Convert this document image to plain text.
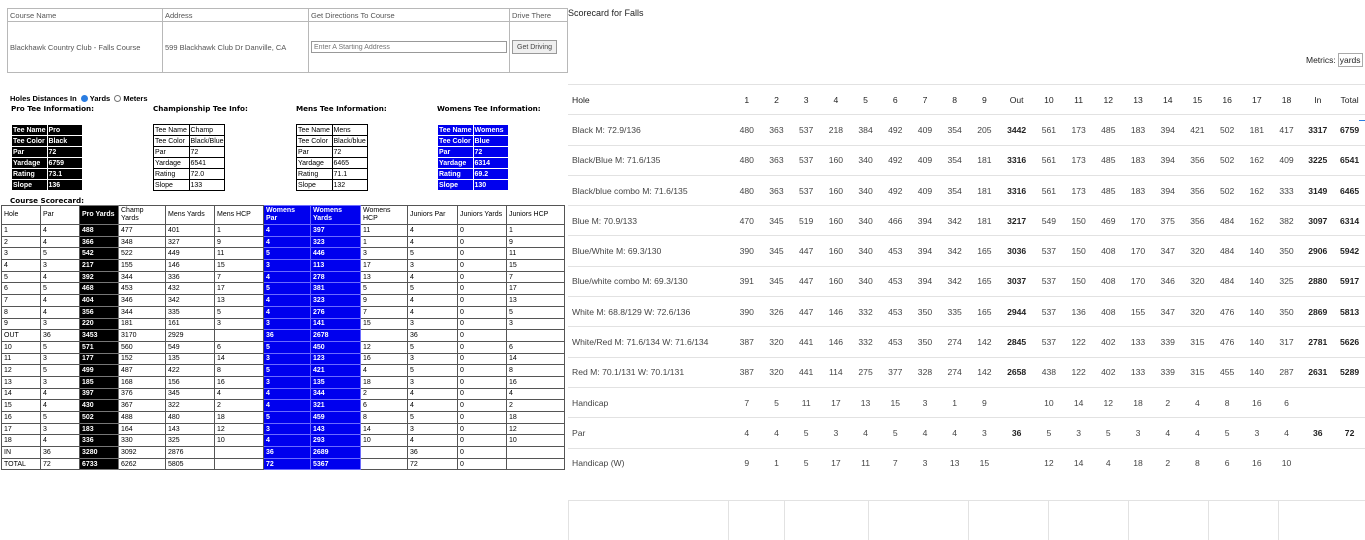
Course Name	Address	Get Directions To Course	Drive There
Blackhawk Country Club - Falls Course	599 Blackhawk Club Dr Danville, CA	Enter A Starting Address	Get Driving
Holes Distances In Yards Meters
Pro Tee Information:	Championship Tee Info:	Mens Tee Information:	Womens Tee Information:
Tee Name	Pro
Tee Color	Black
Par	72
Yardage	6759
Rating	73.1
Slope	136
Tee Name	Champ
Tee Color	Black/Blue
Par	72
Yardage	6541
Rating	72.0
Slope	133
Tee Name	Mens
Tee Color	Black/blue
Par	72
Yardage	6465
Rating	71.1
Slope	132
Tee Name	Womens
Tee Color	Blue
Par	72
Yardage	6314
Rating	69.2
Slope	130
Course Scorecard:
Hole	Par	Pro Yards	Champ Yards	Mens Yards	Mens HCP	Womens Par	Womens Yards	Womens HCP	Juniors Par	Juniors Yards	Juniors HCP
1	4	488	477	401	1	4	397	11	4	0	1
2	4	366	348	327	9	4	323	1	4	0	9
3	5	542	522	449	11	5	446	3	5	0	11
4	3	217	155	146	15	3	113	17	3	0	15
5	4	392	344	336	7	4	278	13	4	0	7
6	5	468	453	432	17	5	381	5	5	0	17
7	4	404	346	342	13	4	323	9	4	0	13
8	4	356	344	335	5	4	276	7	4	0	5
9	3	220	181	161	3	3	141	15	3	0	3
OUT	36	3453	3170	2929		36	2678		36	0	
10	5	571	560	549	6	5	450	12	5	0	6
11	3	177	152	135	14	3	123	16	3	0	14
12	5	499	487	422	8	5	421	4	5	0	8
13	3	185	168	156	16	3	135	18	3	0	16
14	4	397	376	345	4	4	344	2	4	0	4
15	4	430	367	322	2	4	321	6	4	0	2
16	5	502	488	480	18	5	459	8	5	0	18
17	3	183	164	143	12	3	143	14	3	0	12
18	4	336	330	325	10	4	293	10	4	0	10
IN	36	3280	3092	2876		36	2689		36	0	
TOTAL	72	6733	6262	5805		72	5367		72	0	
Scorecard for Falls
Metrics: yards
Hole	1	2	3	4	5	6	7	8	9	Out	10	11	12	13	14	15	16	17	18	In	Total
Black M: 72.9/136	480	363	537	218	384	492	409	354	205	3442	561	173	485	183	394	421	502	181	417	3317	6759
Black/Blue M: 71.6/135	480	363	537	160	340	492	409	354	181	3316	561	173	485	183	394	356	502	162	409	3225	6541
Black/blue combo M: 71.6/135	480	363	537	160	340	492	409	354	181	3316	561	173	485	183	394	356	502	162	333	3149	6465
Blue M: 70.9/133	470	345	519	160	340	466	394	342	181	3217	549	150	469	170	375	356	484	162	382	3097	6314
Blue/White M: 69.3/130	390	345	447	160	340	453	394	342	165	3036	537	150	408	170	347	320	484	140	350	2906	5942
Blue/white combo M: 69.3/130	391	345	447	160	340	453	394	342	165	3037	537	150	408	170	346	320	484	140	325	2880	5917
White M: 68.8/129 W: 72.6/136	390	326	447	146	332	453	350	335	165	2944	537	136	408	155	347	320	476	140	350	2869	5813
White/Red M: 71.6/134 W: 71.6/134	387	320	441	146	332	453	350	274	142	2845	537	122	402	133	339	315	476	140	317	2781	5626
Red M: 70.1/131 W: 70.1/131	387	320	441	114	275	377	328	274	142	2658	438	122	402	133	339	315	455	140	287	2631	5289
Handicap	7	5	11	17	13	15	3	1	9		10	14	12	18	2	4	8	16	6		
Par	4	4	5	3	4	5	4	4	3	36	5	3	5	3	4	4	5	3	4	36	72
Handicap (W)	9	1	5	17	11	7	3	13	15		12	14	4	18	2	8	6	16	10		
